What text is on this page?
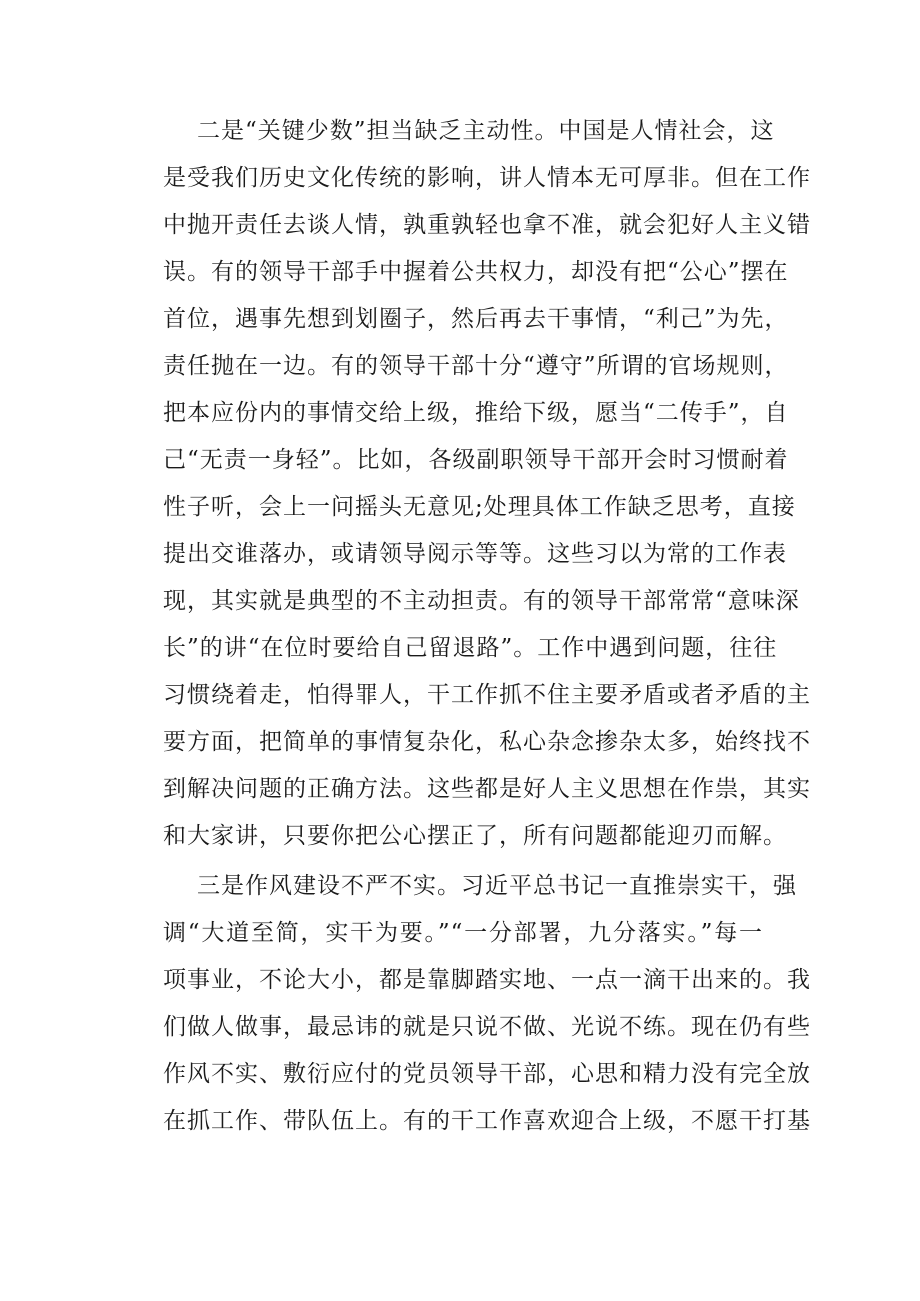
二是“关键少数”担当缺乏主动性。中国是人情社会，这
是受我们历史文化传统的影响，讲人情本无可厚非。但在工作
中抛开责任去谈人情，孰重孰轻也拿不准，就会犯好人主义错
误。有的领导干部手中握着公共权力，却没有把“公心”摆在
首位，遇事先想到划圈子，然后再去干事情，“利己”为先，
责任抛在一边。有的领导干部十分“遵守”所谓的官场规则，
把本应份内的事情交给上级，推给下级，愿当“二传手”，自
己“无责一身轻”。比如，各级副职领导干部开会时习惯耐着
性子听，会上一问摇头无意见;处理具体工作缺乏思考，直接
提出交谁落办，或请领导阅示等等。这些习以为常的工作表
现，其实就是典型的不主动担责。有的领导干部常常“意味深
长”的讲“在位时要给自己留退路”。工作中遇到问题，往往
习惯绕着走，怕得罪人，干工作抓不住主要矛盾或者矛盾的主
要方面，把简单的事情复杂化，私心杂念掺杂太多，始终找不
到解决问题的正确方法。这些都是好人主义思想在作祟，其实
和大家讲，只要你把公心摆正了，所有问题都能迎刃而解。
三是作风建设不严不实。习近平总书记一直推崇实干，强
调“大道至简，实干为要。”“一分部署，九分落实。”每一
项事业，不论大小，都是靠脚踏实地、一点一滴干出来的。我
们做人做事，最忌讳的就是只说不做、光说不练。现在仍有些
作风不实、敷衍应付的党员领导干部，心思和精力没有完全放
在抓工作、带队伍上。有的干工作喜欢迎合上级，不愿干打基
